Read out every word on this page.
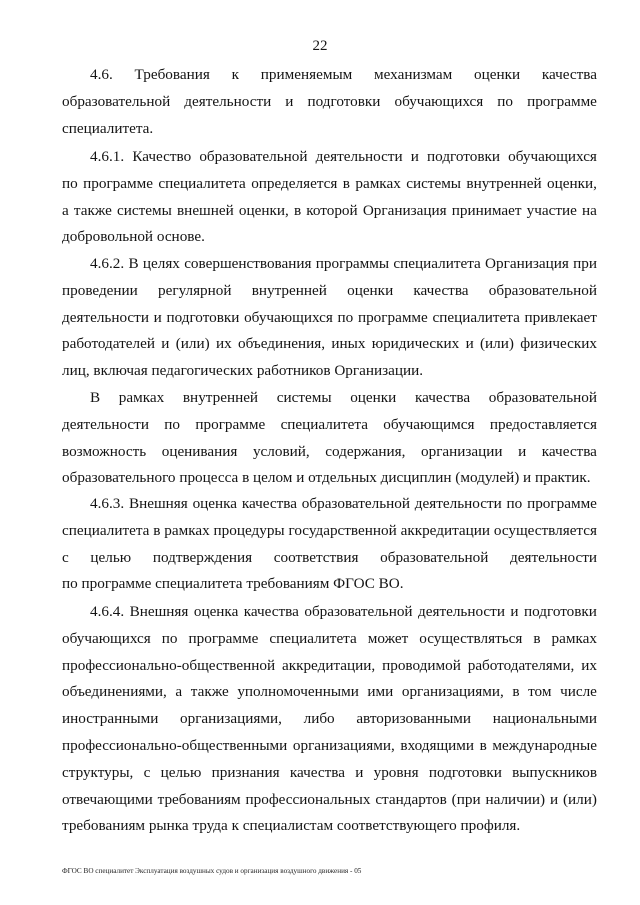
22
4.6. Требования к применяемым механизмам оценки качества
образовательной деятельности и подготовки обучающихся по программе
специалитета.
4.6.1. Качество образовательной деятельности и подготовки обучающихся
по программе специалитета определяется в рамках системы внутренней оценки,
а также системы внешней оценки, в которой Организация принимает участие на
добровольной основе.
4.6.2. В целях совершенствования программы специалитета Организация при
проведении регулярной внутренней оценки качества образовательной
деятельности и подготовки обучающихся по программе специалитета привлекает
работодателей и (или) их объединения, иных юридических и (или) физических
лиц, включая педагогических работников Организации.
В рамках внутренней системы оценки качества образовательной
деятельности по программе специалитета обучающимся предоставляется
возможность оценивания условий, содержания, организации и качества
образовательного процесса в целом и отдельных дисциплин (модулей) и практик.
4.6.3. Внешняя оценка качества образовательной деятельности по программе
специалитета в рамках процедуры государственной аккредитации осуществляется
с целью подтверждения соответствия образовательной деятельности
по программе специалитета требованиям ФГОС ВО.
4.6.4. Внешняя оценка качества образовательной деятельности и подготовки
обучающихся по программе специалитета может осуществляться в рамках
профессионально-общественной аккредитации, проводимой работодателями, их
объединениями, а также уполномоченными ими организациями, в том числе
иностранными организациями, либо авторизованными национальными
профессионально-общественными организациями, входящими в международные
структуры, с целью признания качества и уровня подготовки выпускников
отвечающими требованиям профессиональных стандартов (при наличии) и (или)
требованиям рынка труда к специалистам соответствующего профиля.
ФГОС ВО специалитет Эксплуатация воздушных судов и организация воздушного движения - 05
